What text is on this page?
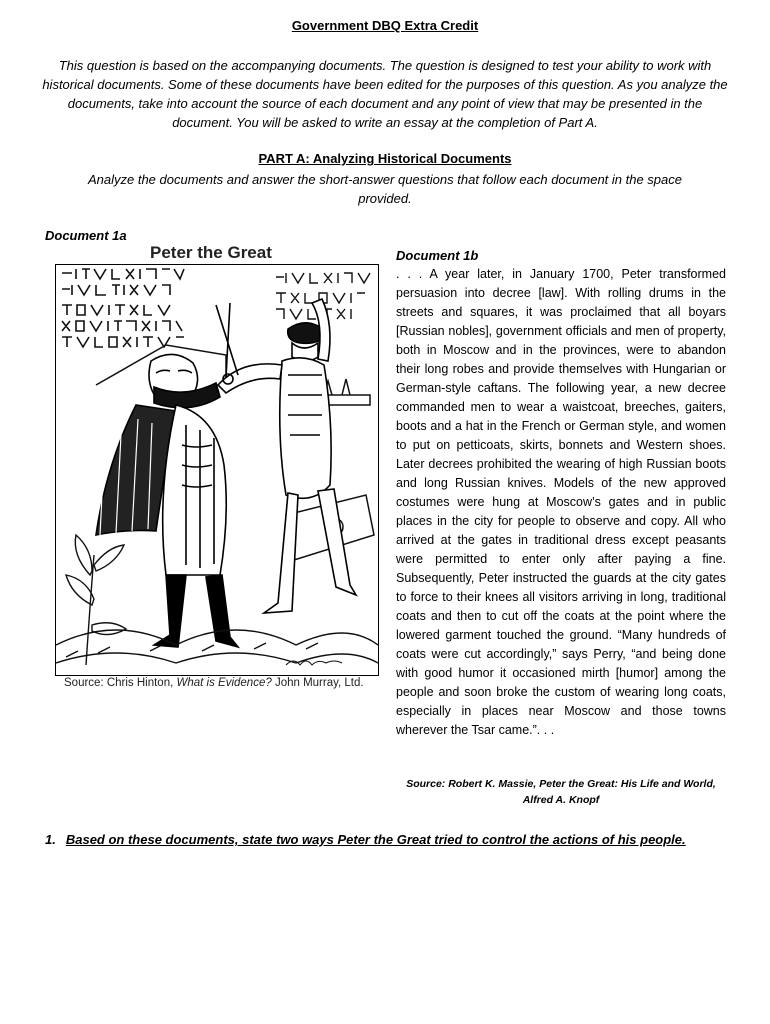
Government DBQ Extra Credit
This question is based on the accompanying documents. The question is designed to test your ability to work with historical documents. Some of these documents have been edited for the purposes of this question. As you analyze the documents, take into account the source of each document and any point of view that may be presented in the document. You will be asked to write an essay at the completion of Part A.
PART A: Analyzing Historical Documents
Analyze the documents and answer the short-answer questions that follow each document in the space provided.
Document 1a
Peter the Great
Source: Chris Hinton, What is Evidence? John Murray, Ltd.
Document 1b
. . . A year later, in January 1700, Peter transformed persuasion into decree [law]. With rolling drums in the streets and squares, it was proclaimed that all boyars [Russian nobles], government officials and men of property, both in Moscow and in the provinces, were to abandon their long robes and provide themselves with Hungarian or German-style caftans. The following year, a new decree commanded men to wear a waistcoat, breeches, gaiters, boots and a hat in the French or German style, and women to put on petticoats, skirts, bonnets and Western shoes. Later decrees prohibited the wearing of high Russian boots and long Russian knives. Models of the new approved costumes were hung at Moscow’s gates and in public places in the city for people to observe and copy. All who arrived at the gates in traditional dress except peasants were permitted to enter only after paying a fine. Subsequently, Peter instructed the guards at the city gates to force to their knees all visitors arriving in long, traditional coats and then to cut off the coats at the point where the lowered garment touched the ground. “Many hundreds of coats were cut accordingly,” says Perry, “and being done with good humor it occasioned mirth [humor] among the people and soon broke the custom of wearing long coats, especially in places near Moscow and those towns wherever the Tsar came.”. . .
Source: Robert K. Massie, Peter the Great: His Life and World, Alfred A. Knopf
1. Based on these documents, state two ways Peter the Great tried to control the actions of his people.
